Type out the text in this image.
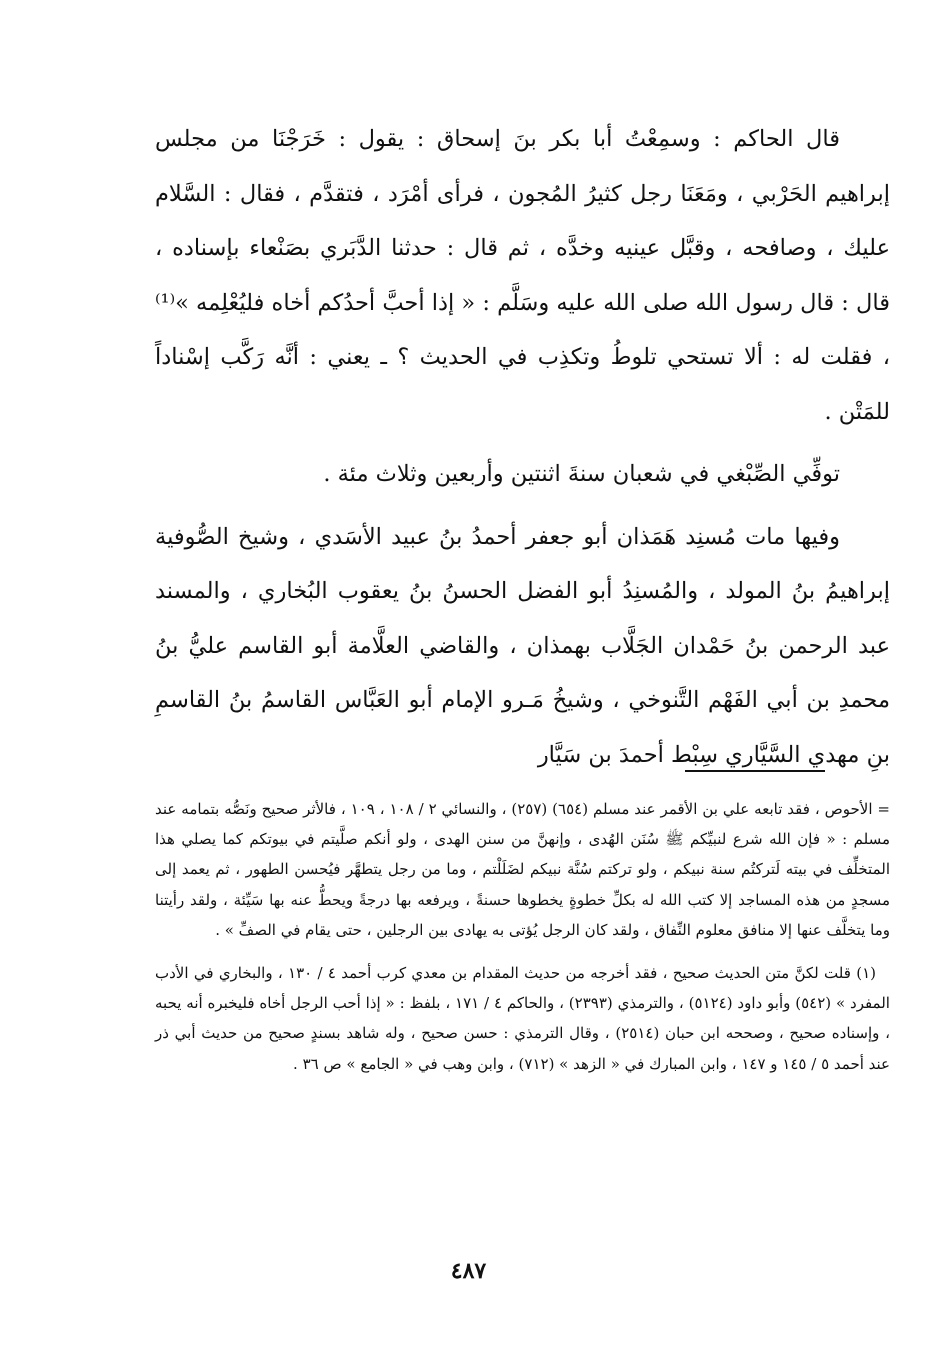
قال الحاكم : وسمِعْتُ أبا بكر بنَ إسحاق : يقول : خَرَجْنَا من مجلس إبراهيم الحَرْبي ، ومَعَنَا رجل كثيرُ المُجون ، فرأى أمْرَد ، فتقدَّم ، فقال : السَّلام عليك ، وصافحه ، وقبَّل عينيه وخدَّه ، ثم قال : حدثنا الدَّبَري بصَنْعاء بإسناده ، قال : قال رسول الله صلى الله عليه وسَلَّم : « إذا أحبَّ أحدُكم أخاه فليُعْلِمه »⁽¹⁾ ، فقلت له : ألا تستحي تلوطُ وتكذِب في الحديث ؟ ـ يعني : أنَّه رَكَّب إسْناداً للمَتْن .

توفِّي الصِّبْغي في شعبان سنةَ اثنتين وأربعين وثلاث مئة .

وفيها مات مُسنِد هَمَذان أبو جعفر أحمدُ بنُ عبيد الأسَدي ، وشيخ الصُّوفية إبراهيمُ بنُ المولد ، والمُسنِدُ أبو الفضل الحسنُ بنُ يعقوب البُخاري ، والمسند عبد الرحمن بنُ حَمْدان الجَلَّاب بهمذان ، والقاضي العلَّامة أبو القاسم عليُّ بنُ محمدِ بن أبي الفَهْم التَّنوخي ، وشيخُ مَـرو الإمام أبو العَبَّاس القاسمُ بنُ القاسمِ بنِ مهدي السَّيَّاري سِبْط أحمدَ بن سَيَّار

= الأحوص ، فقد تابعه علي بن الأقمر عند مسلم (٦٥٤) (٢٥٧) ، والنسائي ٢ / ١٠٨ ، ١٠٩ ، فالأثر صحيح ونَصُّه بتمامه عند مسلم : « فإن الله شرع لنبيِّكم ﷺ سُنَن الهُدى ، وإنهنَّ من سنن الهدى ، ولو أنكم صلَّيتم في بيوتكم كما يصلي هذا المتخلِّف في بيته لَتركتُم سنة نبيكم ، ولو تركتم سُنَّة نبيكم لضَلَلْتم ، وما من رجل يتطهَّر فيُحسن الطهور ، ثم يعمد إلى مسجدٍ من هذه المساجد إلا كتب الله له بكلِّ خطوةٍ يخطوها حسنةً ، ويرفعه بها درجةً ويحطُّ عنه بها سَيِّئة ، ولقد رأيتنا وما يتخلَّف عنها إلا منافق معلوم النِّفاق ، ولقد كان الرجل يُؤتى به يهادى بين الرجلين ، حتى يقام في الصفِّ » .

(١) قلت لكنَّ متن الحديث صحيح ، فقد أخرجه من حديث المقدام بن معدي كرب أحمد ٤ / ١٣٠ ، والبخاري في الأدب المفرد » (٥٤٢) وأبو داود (٥١٢٤) ، والترمذي (٢٣٩٣) ، والحاكم ٤ / ١٧١ ، بلفظ : « إذا أحب الرجل أخاه فليخبره أنه يحبه ، وإسناده صحيح ، وصححه ابن حبان (٢٥١٤) ، وقال الترمذي : حسن صحيح ، وله شاهد بسندٍ صحيح من حديث أبي ذر عند أحمد ٥ / ١٤٥ و ١٤٧ ، وابن المبارك في « الزهد » (٧١٢) ، وابن وهب في « الجامع » ص ٣٦ .

٤٨٧
